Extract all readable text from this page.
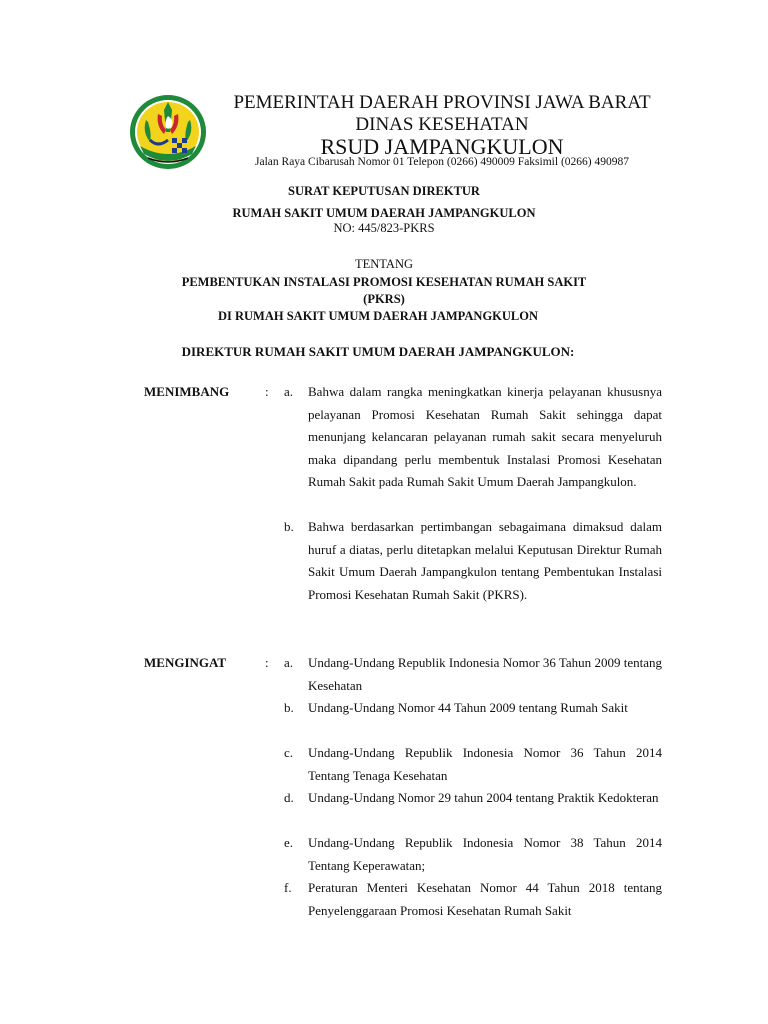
PEMERINTAH DAERAH PROVINSI JAWA BARAT
DINAS KESEHATAN
RSUD JAMPANGKULON
Jalan Raya Cibarusah Nomor 01 Telepon (0266) 490009 Faksimil (0266) 490987
SURAT KEPUTUSAN DIREKTUR
RUMAH SAKIT UMUM DAERAH JAMPANGKULON
NO: 445/823-PKRS
TENTANG
PEMBENTUKAN INSTALASI PROMOSI KESEHATAN RUMAH SAKIT
(PKRS)
DI RUMAH SAKIT UMUM DAERAH JAMPANGKULON
DIREKTUR RUMAH SAKIT UMUM DAERAH JAMPANGKULON:
MENIMBANG	: a. Bahwa dalam rangka meningkatkan kinerja pelayanan khususnya pelayanan Promosi Kesehatan Rumah Sakit sehingga dapat menunjang kelancaran pelayanan rumah sakit secara menyeluruh maka dipandang perlu membentuk Instalasi Promosi Kesehatan Rumah Sakit pada Rumah Sakit Umum Daerah Jampangkulon.
b. Bahwa berdasarkan pertimbangan sebagaimana dimaksud dalam huruf a diatas, perlu ditetapkan melalui Keputusan Direktur Rumah Sakit Umum Daerah Jampangkulon tentang Pembentukan Instalasi Promosi Kesehatan Rumah Sakit (PKRS).
MENGINGAT	: a. Undang-Undang Republik Indonesia Nomor 36 Tahun 2009 tentang Kesehatan
b. Undang-Undang Nomor 44 Tahun 2009 tentang Rumah Sakit
c. Undang-Undang Republik Indonesia Nomor 36 Tahun 2014 Tentang Tenaga Kesehatan
d. Undang-Undang Nomor 29 tahun 2004 tentang Praktik Kedokteran
e. Undang-Undang Republik Indonesia Nomor 38 Tahun 2014 Tentang Keperawatan;
f. Peraturan Menteri Kesehatan Nomor 44 Tahun 2018 tentang Penyelenggaraan Promosi Kesehatan Rumah Sakit
